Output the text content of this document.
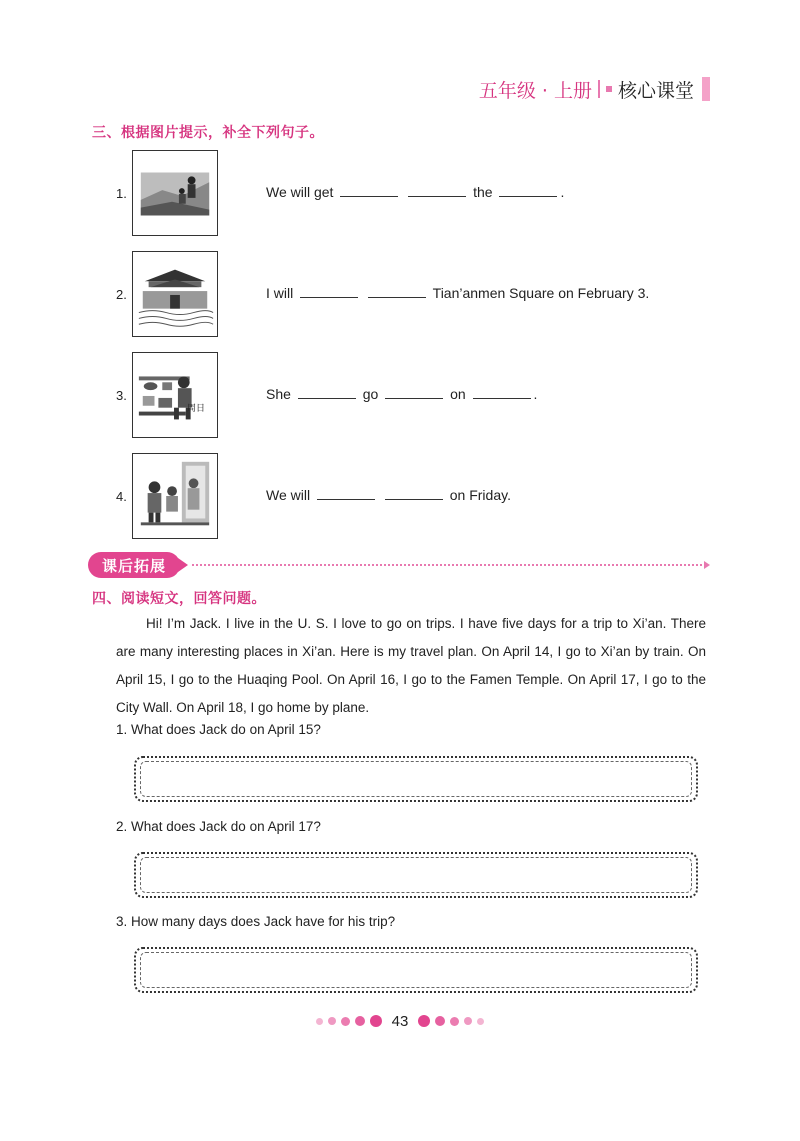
五年级 · 上册 核心课堂
三、根据图片提示，补全下列句子。
1.	We will get	the	.
2.	I will	Tian’anmen Square on February 3.
3.
周日
She	go	on	.
4.	We will	on Friday.
课后拓展
四、阅读短文，回答问题。

Hi! I’m Jack. I live in the U. S. I love to go on trips. I have five days for a trip to Xi’an. There are many interesting places in Xi’an. Here is my travel plan. On April 14, I go to Xi’an by train. On April 15, I go to the Huaqing Pool. On April 16, I go to the Famen Temple. On April 17, I go to the City Wall. On April 18, I go home by plane.

1. What does Jack do on April 15?
2. What does Jack do on April 17?
3. How many days does Jack have for his trip?
43
